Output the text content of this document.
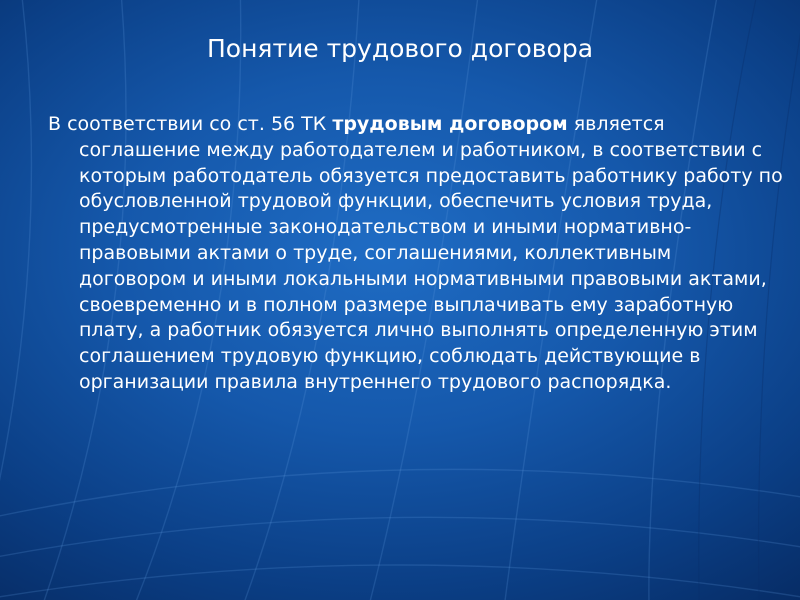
Понятие трудового договора

В соответствии со ст. 56 ТК трудовым договором является соглашение между работодателем и работником, в соответствии с которым работодатель обязуется предоставить работнику работу по обусловленной трудовой функции, обеспечить условия труда, предусмотренные законодательством и иными нормативно-правовыми актами о труде, соглашениями, коллективным договором и иными локальными нормативными правовыми актами, своевременно и в полном размере выплачивать ему заработную плату, а работник обязуется лично выполнять определенную этим соглашением трудовую функцию, соблюдать действующие в организации правила внутреннего трудового распорядка.
